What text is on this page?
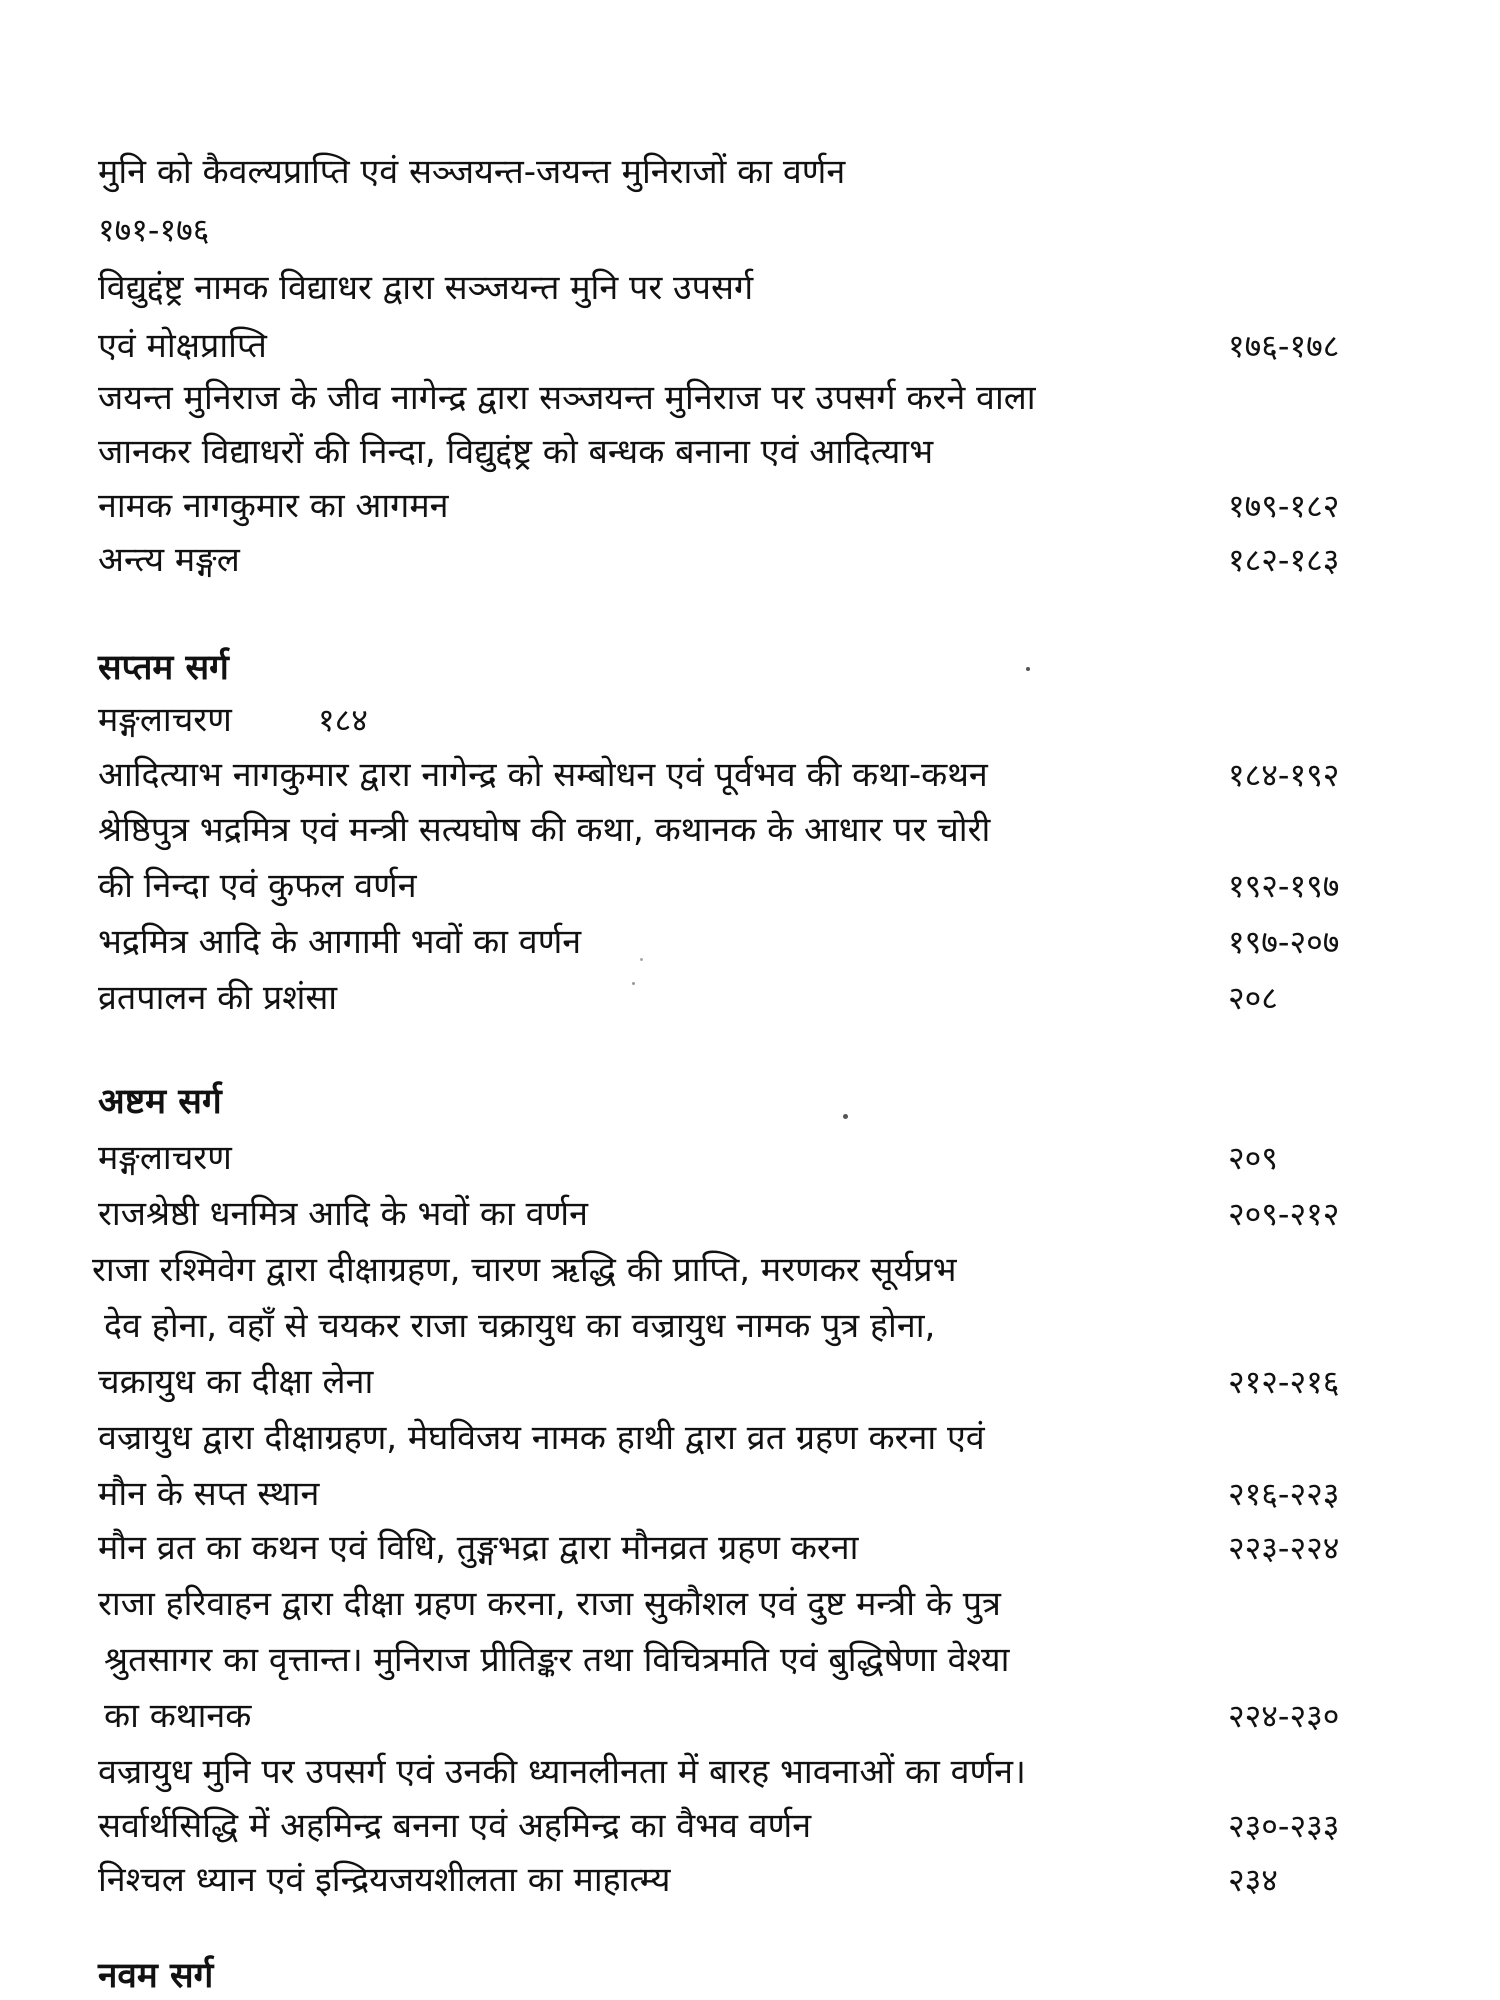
मुनि को कैवल्यप्राप्ति एवं सञ्जयन्त-जयन्त मुनिराजों का वर्णन
१७१-१७६
विद्युद्दंष्ट्र नामक विद्याधर द्वारा सञ्जयन्त मुनि पर उपसर्ग
एवं मोक्षप्राप्ति	१७६-१७८
जयन्त मुनिराज के जीव नागेन्द्र द्वारा सञ्जयन्त मुनिराज पर उपसर्ग करने वाला
जानकर विद्याधरों की निन्दा, विद्युद्दंष्ट्र को बन्धक बनाना एवं आदित्याभ
नामक नागकुमार का आगमन	१७९-१८२
अन्त्य मङ्गल	१८२-१८३
सप्तम सर्ग
मङ्गलाचरण	१८४
आदित्याभ नागकुमार द्वारा नागेन्द्र को सम्बोधन एवं पूर्वभव की कथा-कथन	१८४-१९२
श्रेष्ठिपुत्र भद्रमित्र एवं मन्त्री सत्यघोष की कथा, कथानक के आधार पर चोरी
की निन्दा एवं कुफल वर्णन	१९२-१९७
भद्रमित्र आदि के आगामी भवों का वर्णन	१९७-२०७
व्रतपालन की प्रशंसा	२०८
अष्टम सर्ग
मङ्गलाचरण	२०९
राजश्रेष्ठी धनमित्र आदि के भवों का वर्णन	२०९-२१२
राजा रश्मिवेग द्वारा दीक्षाग्रहण, चारण ऋद्धि की प्राप्ति, मरणकर सूर्यप्रभ
देव होना, वहाँ से चयकर राजा चक्रायुध का वज्रायुध नामक पुत्र होना,
चक्रायुध का दीक्षा लेना	२१२-२१६
वज्रायुध द्वारा दीक्षाग्रहण, मेघविजय नामक हाथी द्वारा व्रत ग्रहण करना एवं
मौन के सप्त स्थान	२१६-२२३
मौन व्रत का कथन एवं विधि, तुङ्गभद्रा द्वारा मौनव्रत ग्रहण करना	२२३-२२४
राजा हरिवाहन द्वारा दीक्षा ग्रहण करना, राजा सुकौशल एवं दुष्ट मन्त्री के पुत्र
श्रुतसागर का वृत्तान्त। मुनिराज प्रीतिङ्कर तथा विचित्रमति एवं बुद्धिषेणा वेश्या
का कथानक	२२४-२३०
वज्रायुध मुनि पर उपसर्ग एवं उनकी ध्यानलीनता में बारह भावनाओं का वर्णन।
सर्वार्थसिद्धि में अहमिन्द्र बनना एवं अहमिन्द्र का वैभव वर्णन	२३०-२३३
निश्चल ध्यान एवं इन्द्रियजयशीलता का माहात्म्य	२३४
नवम सर्ग
